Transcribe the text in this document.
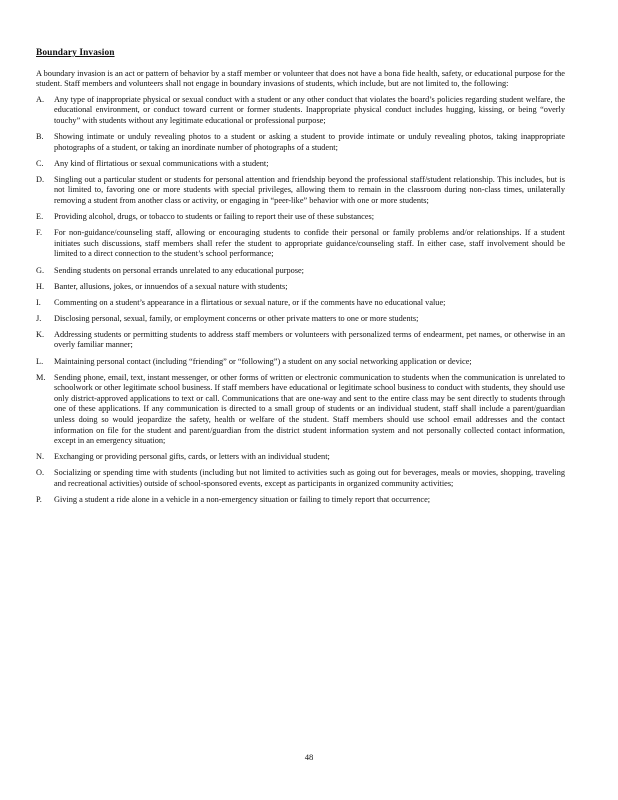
Boundary Invasion
A boundary invasion is an act or pattern of behavior by a staff member or volunteer that does not have a bona fide health, safety, or educational purpose for the student. Staff members and volunteers shall not engage in boundary invasions of students, which include, but are not limited to, the following:
A.	Any type of inappropriate physical or sexual conduct with a student or any other conduct that violates the board’s policies regarding student welfare, the educational environment, or conduct toward current or former students. Inappropriate physical conduct includes hugging, kissing, or being “overly touchy” with students without any legitimate educational or professional purpose;
B.	Showing intimate or unduly revealing photos to a student or asking a student to provide intimate or unduly revealing photos, taking inappropriate photographs of a student, or taking an inordinate number of photographs of a student;
C.	Any kind of flirtatious or sexual communications with a student;
D.	Singling out a particular student or students for personal attention and friendship beyond the professional staff/student relationship. This includes, but is not limited to, favoring one or more students with special privileges, allowing them to remain in the classroom during non-class times, unilaterally removing a student from another class or activity, or engaging in “peer-like” behavior with one or more students;
E.	Providing alcohol, drugs, or tobacco to students or failing to report their use of these substances;
F.	For non-guidance/counseling staff, allowing or encouraging students to confide their personal or family problems and/or relationships. If a student initiates such discussions, staff members shall refer the student to appropriate guidance/counseling staff. In either case, staff involvement should be limited to a direct connection to the student’s school performance;
G.	Sending students on personal errands unrelated to any educational purpose;
H.	Banter, allusions, jokes, or innuendos of a sexual nature with students;
I.	Commenting on a student’s appearance in a flirtatious or sexual nature, or if the comments have no educational value;
J.	Disclosing personal, sexual, family, or employment concerns or other private matters to one or more students;
K.	Addressing students or permitting students to address staff members or volunteers with personalized terms of endearment, pet names, or otherwise in an overly familiar manner;
L.	Maintaining personal contact (including “friending” or “following”) a student on any social networking application or device;
M.	Sending phone, email, text, instant messenger, or other forms of written or electronic communication to students when the communication is unrelated to schoolwork or other legitimate school business. If staff members have educational or legitimate school business to conduct with students, they should use only district-approved applications to text or call. Communications that are one-way and sent to the entire class may be sent directly to students through one of these applications. If any communication is directed to a small group of students or an individual student, staff shall include a parent/guardian unless doing so would jeopardize the safety, health or welfare of the student. Staff members should use school email addresses and the contact information on file for the student and parent/guardian from the district student information system and not personally collected contact information, except in an emergency situation;
N.	Exchanging or providing personal gifts, cards, or letters with an individual student;
O.	Socializing or spending time with students (including but not limited to activities such as going out for beverages, meals or movies, shopping, traveling and recreational activities) outside of school-sponsored events, except as participants in organized community activities;
P.	Giving a student a ride alone in a vehicle in a non-emergency situation or failing to timely report that occurrence;
48
